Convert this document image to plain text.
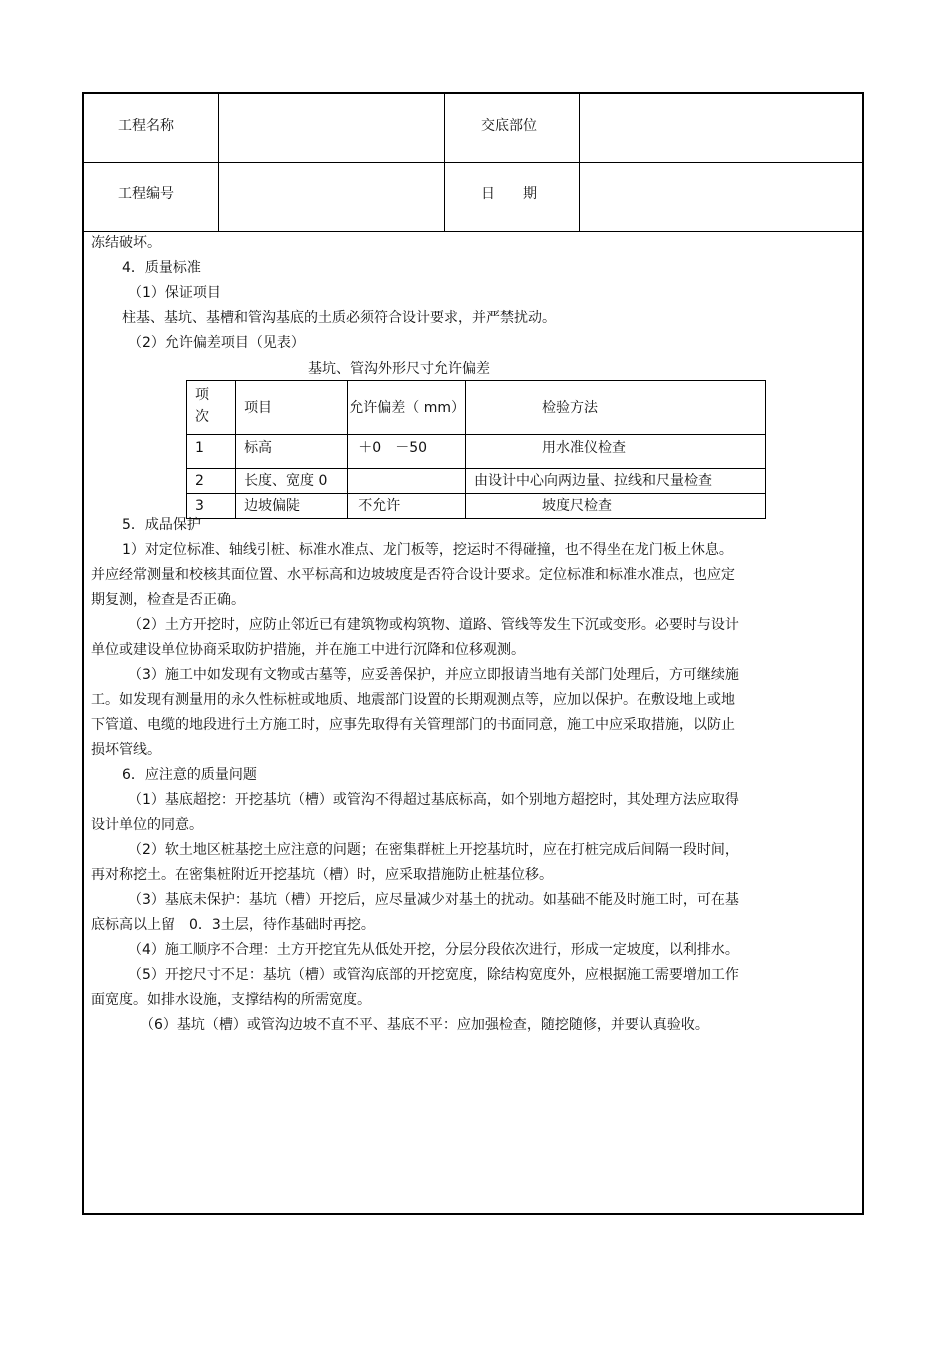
工程名称	交底部位
工程编号	日　　期
冻结破坏。
4．质量标准
（1）保证项目
柱基、基坑、基槽和管沟基底的土质必须符合设计要求，并严禁扰动。
（2）允许偏差项目（见表）
基坑、管沟外形尺寸允许偏差
项次	项目	允许偏差（ mm）	检验方法
1	标高	＋0　－50	用水准仪检查
2	长度、宽度 0		由设计中心向两边量、拉线和尺量检查
3	边坡偏陡	不允许	坡度尺检查
5．成品保护
1）对定位标准、轴线引桩、标准水准点、龙门板等，挖运时不得碰撞，也不得坐在龙门板上休息。
并应经常测量和校核其面位置、水平标高和边坡坡度是否符合设计要求。定位标准和标准水准点，也应定
期复测，检查是否正确。
（2）土方开挖时，应防止邻近已有建筑物或构筑物、道路、管线等发生下沉或变形。必要时与设计
单位或建设单位协商采取防护措施，并在施工中进行沉降和位移观测。
（3）施工中如发现有文物或古墓等，应妥善保护，并应立即报请当地有关部门处理后，方可继续施
工。如发现有测量用的永久性标桩或地质、地震部门设置的长期观测点等，应加以保护。在敷设地上或地
下管道、电缆的地段进行土方施工时，应事先取得有关管理部门的书面同意，施工中应采取措施，以防止
损坏管线。
6．应注意的质量问题
（1）基底超挖：开挖基坑（槽）或管沟不得超过基底标高，如个别地方超挖时，其处理方法应取得
设计单位的同意。
（2）软土地区桩基挖土应注意的问题；在密集群桩上开挖基坑时，应在打桩完成后间隔一段时间，
再对称挖土。在密集桩附近开挖基坑（槽）时，应采取措施防止桩基位移。
（3）基底未保护：基坑（槽）开挖后，应尽量减少对基土的扰动。如基础不能及时施工时，可在基
底标高以上留　0．3土层，待作基础时再挖。
（4）施工顺序不合理：土方开挖宜先从低处开挖，分层分段依次进行，形成一定坡度，以利排水。
（5）开挖尺寸不足：基坑（槽）或管沟底部的开挖宽度，除结构宽度外，应根据施工需要增加工作
面宽度。如排水设施，支撑结构的所需宽度。
（6）基坑（槽）或管沟边坡不直不平、基底不平：应加强检查，随挖随修，并要认真验收。
